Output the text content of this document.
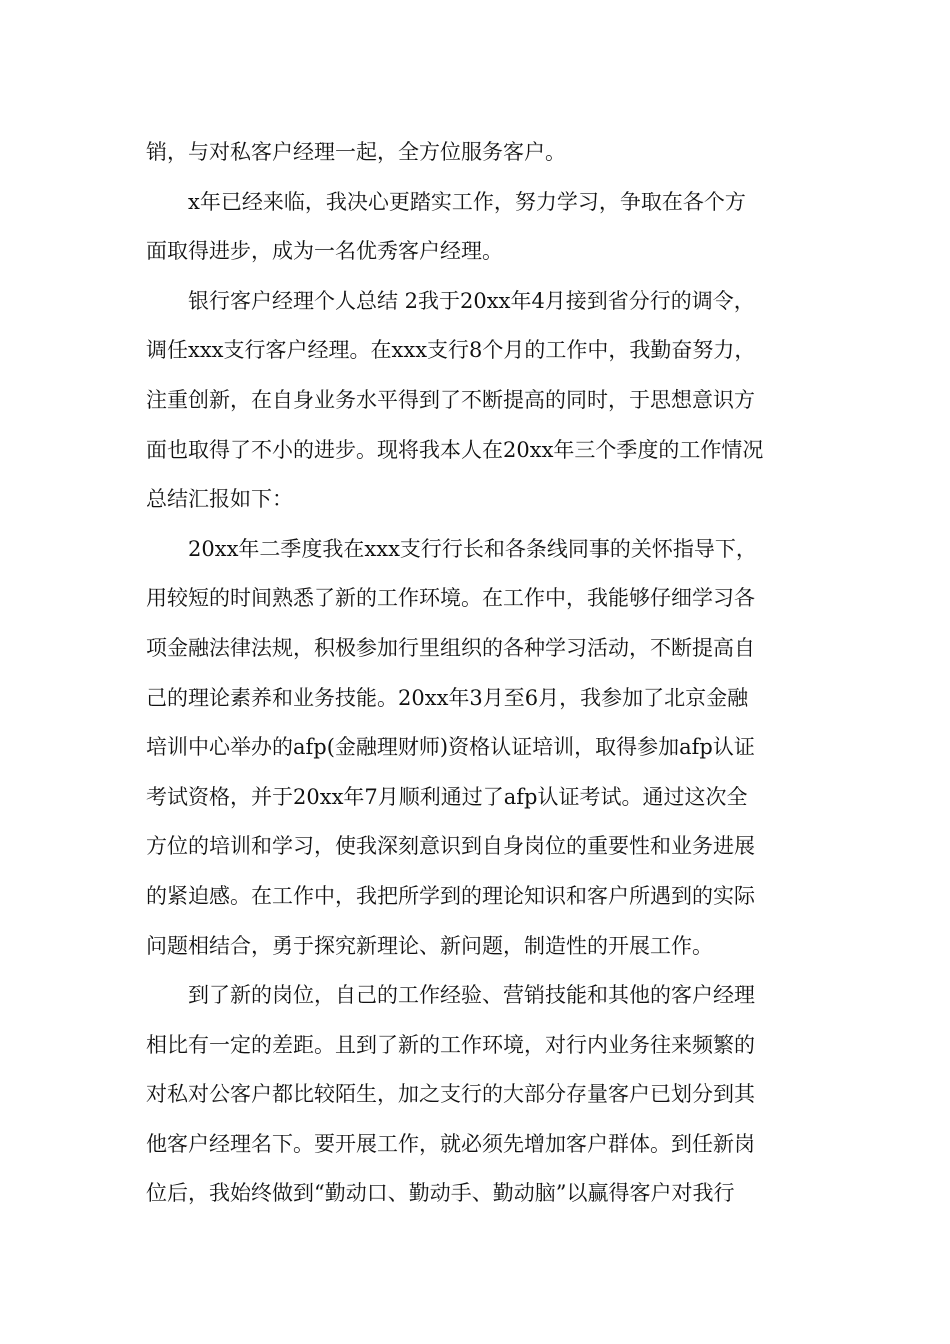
销，与对私客户经理一起，全方位服务客户。
x年已经来临，我决心更踏实工作，努力学习，争取在各个方
面取得进步，成为一名优秀客户经理。
银行客户经理个人总结 2我于20xx年4月接到省分行的调令，
调任xxx支行客户经理。在xxx支行8个月的工作中，我勤奋努力，
注重创新，在自身业务水平得到了不断提高的同时，于思想意识方
面也取得了不小的进步。现将我本人在20xx年三个季度的工作情况
总结汇报如下：
20xx年二季度我在xxx支行行长和各条线同事的关怀指导下，
用较短的时间熟悉了新的工作环境。在工作中，我能够仔细学习各
项金融法律法规，积极参加行里组织的各种学习活动，不断提高自
己的理论素养和业务技能。20xx年3月至6月，我参加了北京金融
培训中心举办的afp(金融理财师)资格认证培训，取得参加afp认证
考试资格，并于20xx年7月顺利通过了afp认证考试。通过这次全
方位的培训和学习，使我深刻意识到自身岗位的重要性和业务进展
的紧迫感。在工作中，我把所学到的理论知识和客户所遇到的实际
问题相结合，勇于探究新理论、新问题，制造性的开展工作。
到了新的岗位，自己的工作经验、营销技能和其他的客户经理
相比有一定的差距。且到了新的工作环境，对行内业务往来频繁的
对私对公客户都比较陌生，加之支行的大部分存量客户已划分到其
他客户经理名下。要开展工作，就必须先增加客户群体。到任新岗
位后，我始终做到“勤动口、勤动手、勤动脑”以赢得客户对我行
